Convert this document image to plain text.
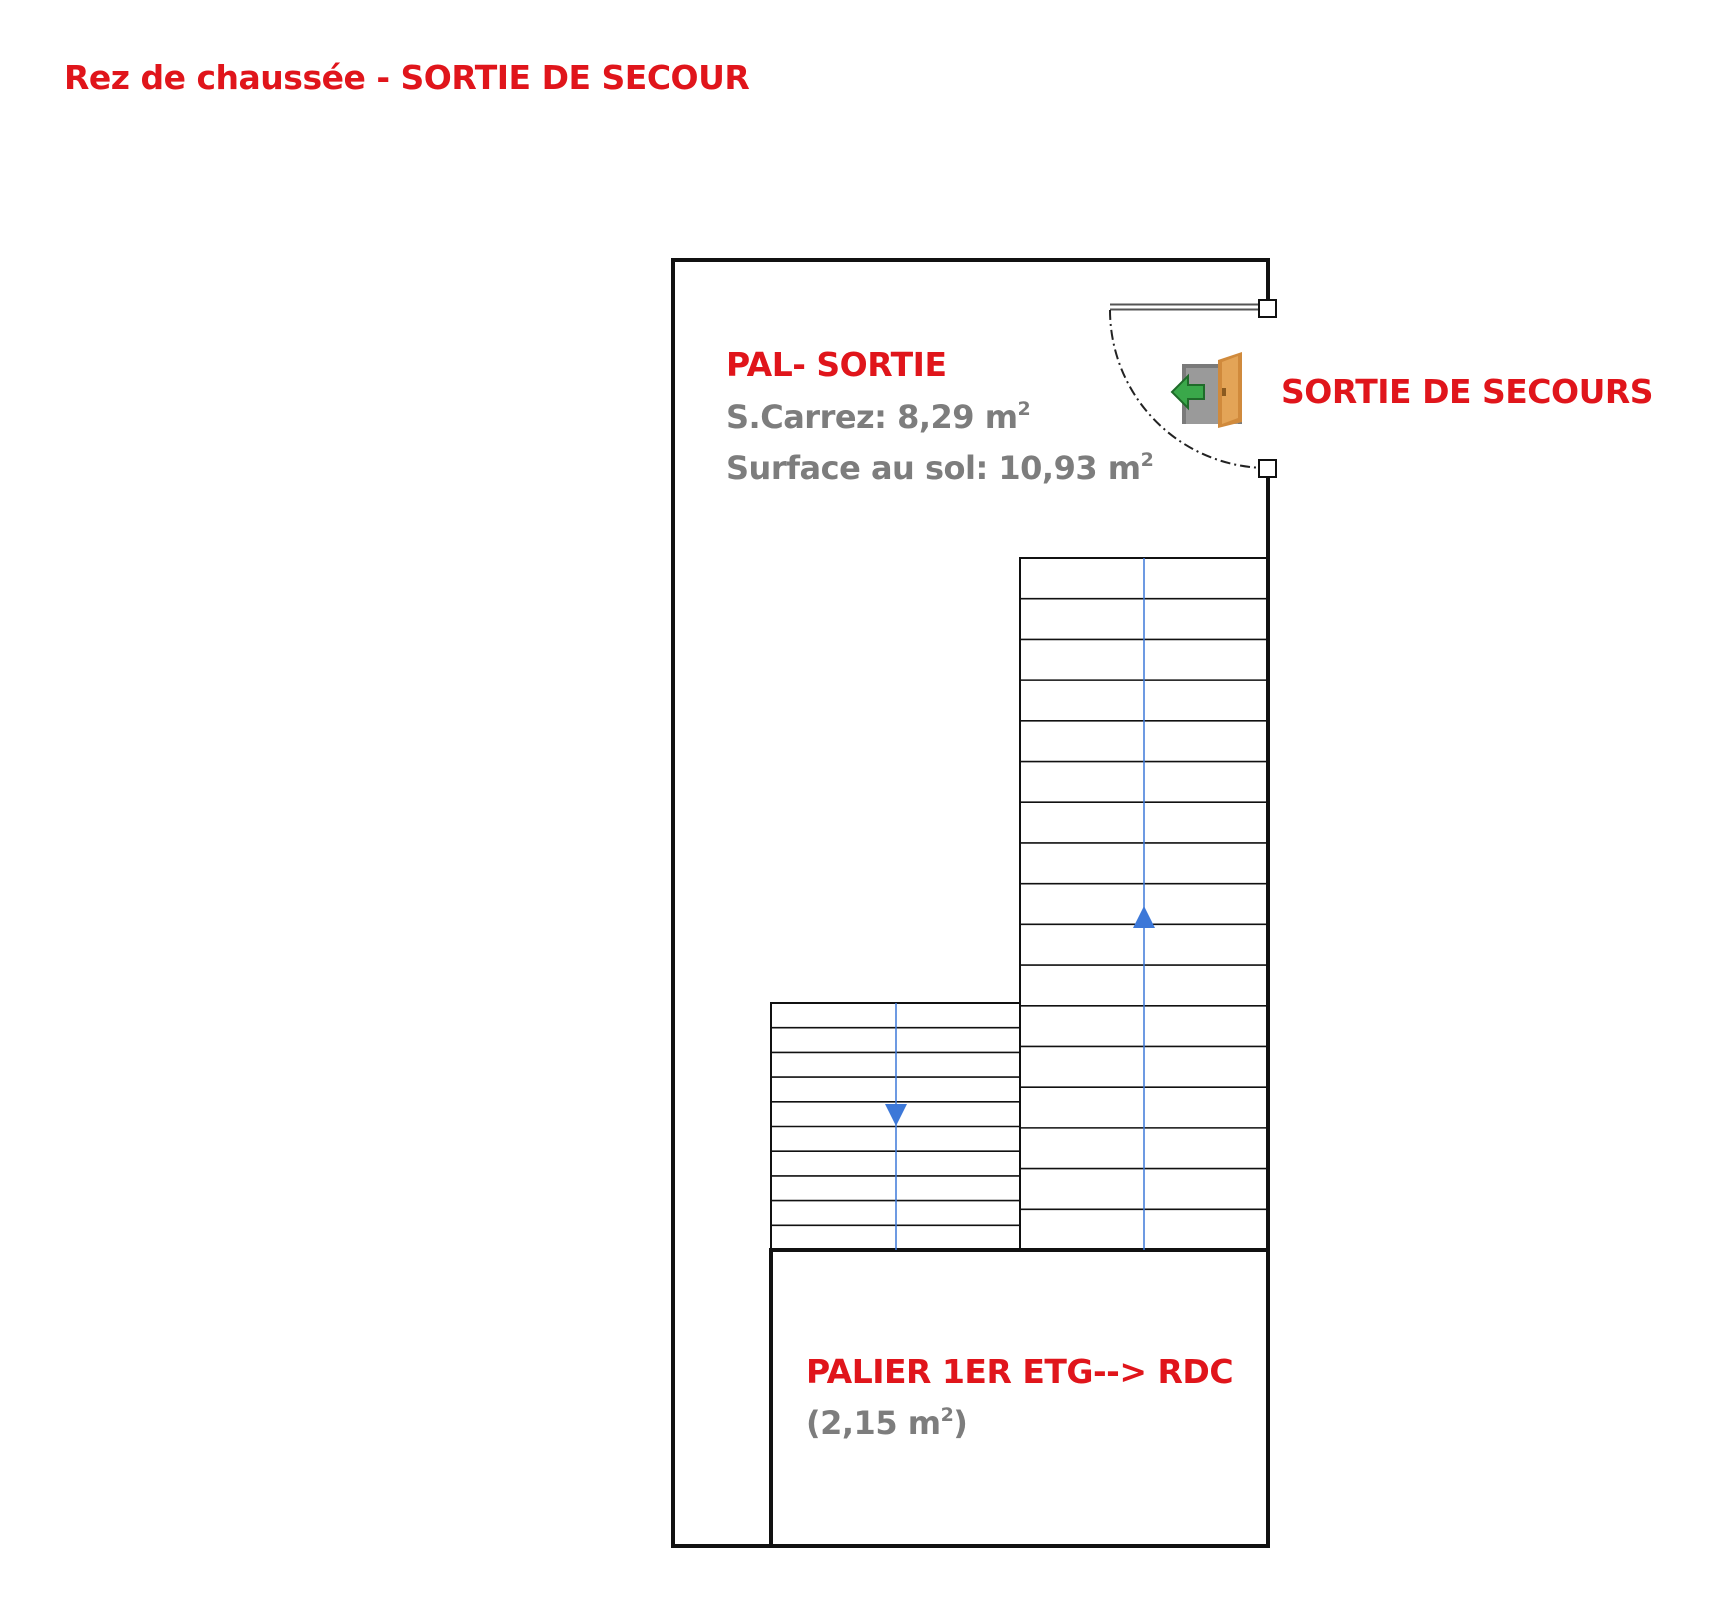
Rez de chaussée - SORTIE DE SECOUR
PAL- SORTIE
S.Carrez: 8,29 $m^2$
Surface au sol: 10,93 $m^2$
SORTIE DE SECOURS
PALIER 1ER ETG--> RDC
(2,15 $m^2$)
